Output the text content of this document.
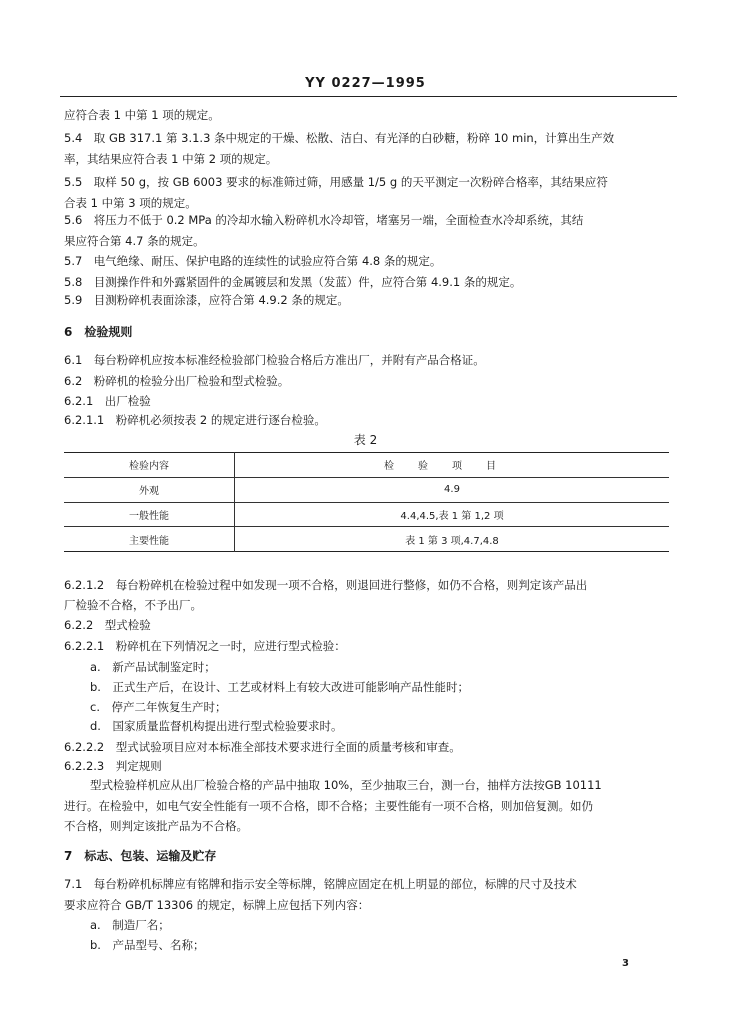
YY 0227—1995
应符合表 1 中第 1 项的规定。
5.4　取 GB 317.1 第 3.1.3 条中规定的干燥、松散、洁白、有光泽的白砂糖，粉碎 10 min，计算出生产效
率，其结果应符合表 1 中第 2 项的规定。
5.5　取样 50 g，按 GB 6003 要求的标准筛过筛，用感量 1/5 g 的天平测定一次粉碎合格率，其结果应符
合表 1 中第 3 项的规定。
5.6　将压力不低于 0.2 MPa 的冷却水输入粉碎机水冷却管，堵塞另一端，全面检查水冷却系统，其结
果应符合第 4.7 条的规定。
5.7　电气绝缘、耐压、保护电路的连续性的试验应符合第 4.8 条的规定。
5.8　目测操作件和外露紧固件的金属镀层和发黑（发蓝）件，应符合第 4.9.1 条的规定。
5.9　目测粉碎机表面涂漆，应符合第 4.9.2 条的规定。
6　检验规则
6.1　每台粉碎机应按本标准经检验部门检验合格后方准出厂，并附有产品合格证。
6.2　粉碎机的检验分出厂检验和型式检验。
6.2.1　出厂检验
6.2.1.1　粉碎机必须按表 2 的规定进行逐台检验。
表 2
检验内容	检验项目
外观	4.9
一般性能	4.4,4.5,表 1 第 1,2 项
主要性能	表 1 第 3 项,4.7,4.8
6.2.1.2　每台粉碎机在检验过程中如发现一项不合格，则退回进行整修，如仍不合格，则判定该产品出
厂检验不合格，不予出厂。
6.2.2　型式检验
6.2.2.1　粉碎机在下列情况之一时，应进行型式检验：
a.　新产品试制鉴定时；
b.　正式生产后，在设计、工艺或材料上有较大改进可能影响产品性能时；
c.　停产二年恢复生产时；
d.　国家质量监督机构提出进行型式检验要求时。
6.2.2.2　型式试验项目应对本标准全部技术要求进行全面的质量考核和审查。
6.2.2.3　判定规则
型式检验样机应从出厂检验合格的产品中抽取 10%，至少抽取三台，测一台，抽样方法按GB 10111
进行。在检验中，如电气安全性能有一项不合格，即不合格；主要性能有一项不合格，则加倍复测。如仍
不合格，则判定该批产品为不合格。
7　标志、包装、运输及贮存
7.1　每台粉碎机标牌应有铭牌和指示安全等标牌，铭牌应固定在机上明显的部位，标牌的尺寸及技术
要求应符合 GB/T 13306 的规定，标牌上应包括下列内容：
a.　制造厂名；
b.　产品型号、名称；
3
